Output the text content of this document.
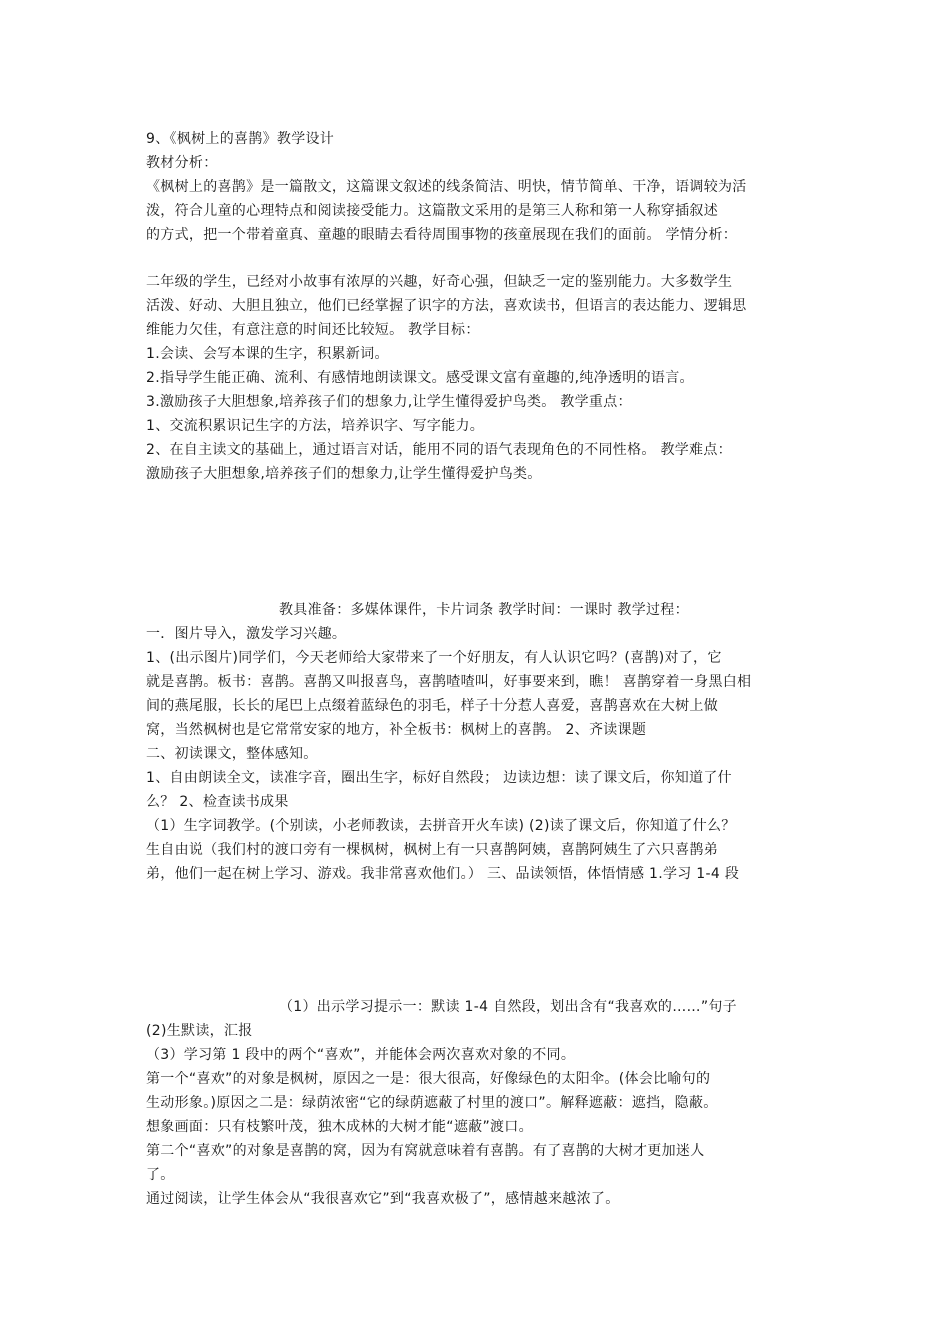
9、《枫树上的喜鹊》教学设计
教材分析：
《枫树上的喜鹊》是一篇散文，这篇课文叙述的线条简洁、明快，情节简单、干净，语调较为活
泼，符合儿童的心理特点和阅读接受能力。这篇散文采用的是第三人称和第一人称穿插叙述
的方式，把一个带着童真、童趣的眼睛去看待周围事物的孩童展现在我们的面前。 学情分析：
二年级的学生，已经对小故事有浓厚的兴趣，好奇心强，但缺乏一定的鉴别能力。大多数学生
活泼、好动、大胆且独立，他们已经掌握了识字的方法，喜欢读书，但语言的表达能力、逻辑思
维能力欠佳，有意注意的时间还比较短。 教学目标：
1.会读、会写本课的生字，积累新词。
2.指导学生能正确、流利、有感情地朗读课文。感受课文富有童趣的,纯净透明的语言。
3.激励孩子大胆想象,培养孩子们的想象力,让学生懂得爱护鸟类。 教学重点：
1、交流积累识记生字的方法，培养识字、写字能力。
2、在自主读文的基础上，通过语言对话，能用不同的语气表现角色的不同性格。 教学难点：
激励孩子大胆想象,培养孩子们的想象力,让学生懂得爱护鸟类。
教具准备：多媒体课件，卡片词条 教学时间：一课时 教学过程：
一．图片导入，激发学习兴趣。
1、(出示图片)同学们，今天老师给大家带来了一个好朋友，有人认识它吗？(喜鹊)对了，它
就是喜鹊。板书：喜鹊。喜鹊又叫报喜鸟，喜鹊喳喳叫，好事要来到，瞧！ 喜鹊穿着一身黑白相
间的燕尾服，长长的尾巴上点缀着蓝绿色的羽毛，样子十分惹人喜爱，喜鹊喜欢在大树上做
窝，当然枫树也是它常常安家的地方，补全板书：枫树上的喜鹊。 2、齐读课题
二、初读课文，整体感知。
1、自由朗读全文，读准字音，圈出生字，标好自然段； 边读边想：读了课文后，你知道了什
么？ 2、检查读书成果
（1）生字词教学。(个别读，小老师教读，去拼音开火车读) (2)读了课文后，你知道了什么？
生自由说（我们村的渡口旁有一棵枫树，枫树上有一只喜鹊阿姨，喜鹊阿姨生了六只喜鹊弟
弟，他们一起在树上学习、游戏。我非常喜欢他们。） 三、品读领悟，体悟情感 1.学习 1-4 段
（1）出示学习提示一：默读 1-4 自然段，划出含有“我喜欢的……”句子
(2)生默读，汇报
（3）学习第 1 段中的两个“喜欢”，并能体会两次喜欢对象的不同。
第一个“喜欢”的对象是枫树，原因之一是：很大很高，好像绿色的太阳伞。(体会比喻句的
生动形象。)原因之二是：绿荫浓密“它的绿荫遮蔽了村里的渡口”。解释遮蔽：遮挡，隐蔽。
想象画面：只有枝繁叶茂，独木成林的大树才能“遮蔽”渡口。
第二个“喜欢”的对象是喜鹊的窝，因为有窝就意味着有喜鹊。有了喜鹊的大树才更加迷人
了。
通过阅读，让学生体会从“我很喜欢它”到“我喜欢极了”，感情越来越浓了。
